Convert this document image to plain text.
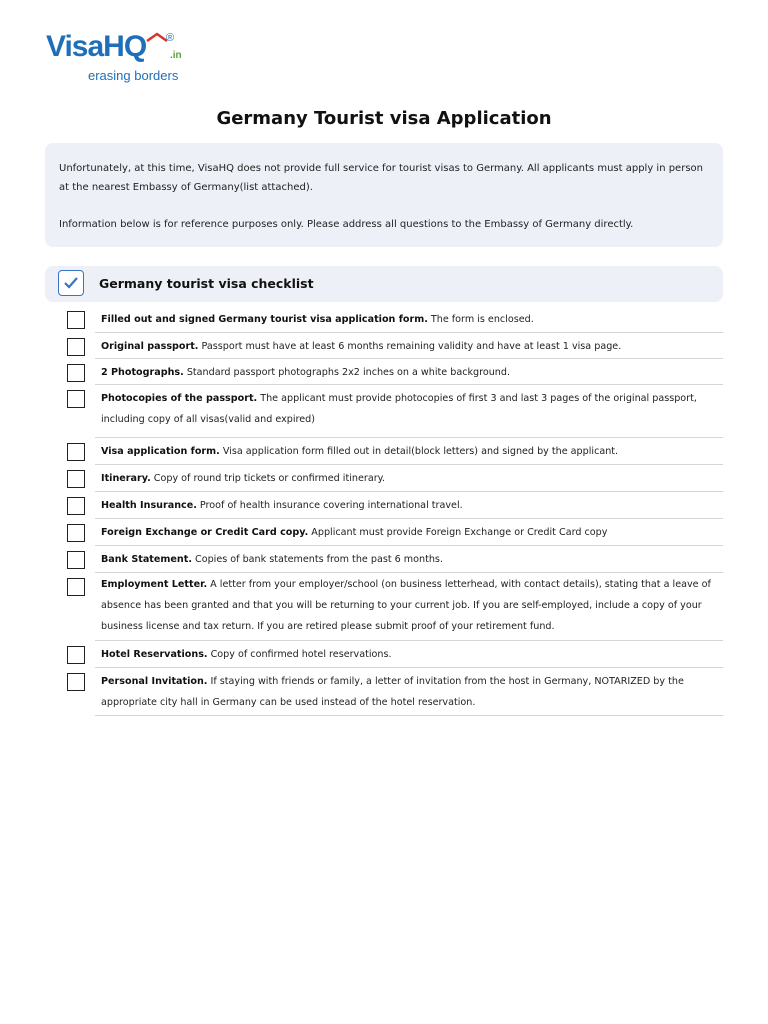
VisaHQ ®
.in
erasing borders
Germany Tourist visa Application

Unfortunately, at this time, VisaHQ does not provide full service for tourist visas to Germany. All applicants must apply in person at the nearest Embassy of Germany(list attached).

Information below is for reference purposes only. Please address all questions to the Embassy of Germany directly.

Germany tourist visa checklist
Filled out and signed Germany tourist visa application form. The form is enclosed.
Original passport. Passport must have at least 6 months remaining validity and have at least 1 visa page.
2 Photographs. Standard passport photographs 2x2 inches on a white background.
Photocopies of the passport. The applicant must provide photocopies of first 3 and last 3 pages of the original passport, including copy of all visas(valid and expired)
Visa application form. Visa application form filled out in detail(block letters) and signed by the applicant.
Itinerary. Copy of round trip tickets or confirmed itinerary.
Health Insurance. Proof of health insurance covering international travel.
Foreign Exchange or Credit Card copy. Applicant must provide Foreign Exchange or Credit Card copy
Bank Statement. Copies of bank statements from the past 6 months.
Employment Letter. A letter from your employer/school (on business letterhead, with contact details), stating that a leave of absence has been granted and that you will be returning to your current job. If you are self-employed, include a copy of your business license and tax return. If you are retired please submit proof of your retirement fund.
Hotel Reservations. Copy of confirmed hotel reservations.
Personal Invitation. If staying with friends or family, a letter of invitation from the host in Germany, NOTARIZED by the appropriate city hall in Germany can be used instead of the hotel reservation.
